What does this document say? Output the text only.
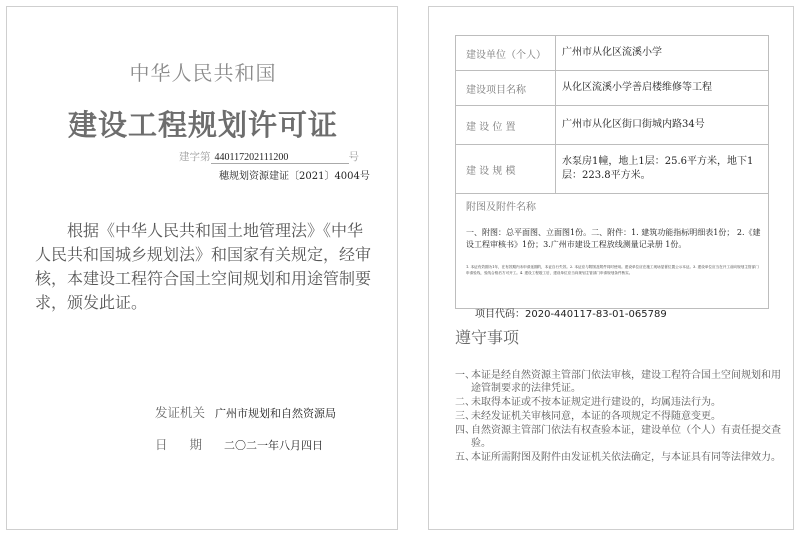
中华人民共和国
建设工程规划许可证
建字第 440117202111200	号
穗规划资源建证〔2021〕4004号
根据《中华人民共和国土地管理法》《中华人民共和国城乡规划法》和国家有关规定，经审核，本建设工程符合国土空间规划和用途管制要求，颁发此证。
发证机关 广州市规划和自然资源局
日期二〇二一年八月四日
建设单位（个人）	广州市从化区流溪小学
建设项目名称	从化区流溪小学善启楼维修等工程
建 设 位 置	广州市从化区街口街城内路34号
建 设 规 模	水泵房1幢，地上1层：25.6平方米，地下1层：223.8平方米。

附图及附件名称
一、附图：总平面图、立面图1份。二、附件：1. 建筑功能指标明细表1份； 2.《建设工程审核书》1份；3.广州市建设工程放线测量记录册 1份。
1. 本证有效期为1年，在有效期内未申请延期的，本证自行失效。2. 本证应与附图及附件同时使用。建设单位应在施工现场显著位置公示本证。3. 建设单位应当在开工前向规划主管部门申请验线，验线合格后方可开工。4. 建设工程竣工后，建设单位应当向规划主管部门申请规划条件核实。	
项目代码：2020-440117-83-01-065789
遵守事项
一、
本证是经自然资源主管部门依法审核，建设工程符合国土空间规划和用途管制要求的法律凭证。
二、
未取得本证或不按本证规定进行建设的，均属违法行为。
三、
未经发证机关审核同意，本证的各项规定不得随意变更。
四、
自然资源主管部门依法有权查验本证，建设单位（个人）有责任提交查验。
五、
本证所需附图及附件由发证机关依法确定，与本证具有同等法律效力。
